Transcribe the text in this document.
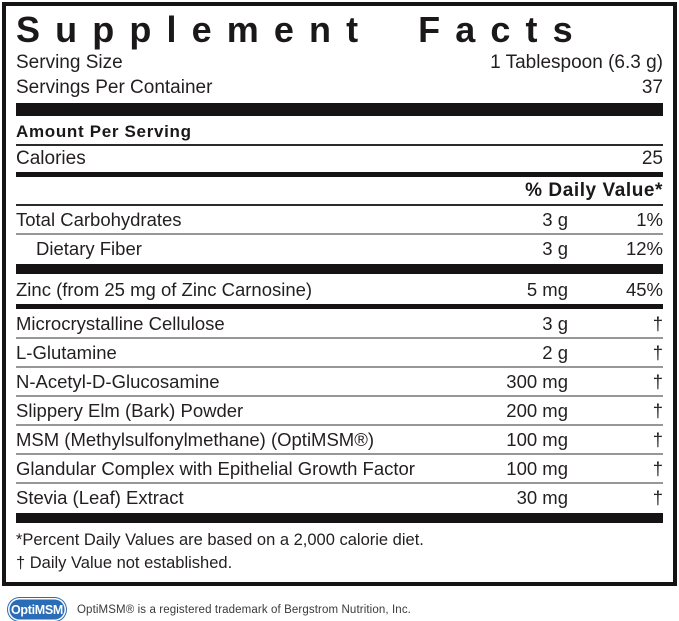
Supplement Facts
Serving Size	1 Tablespoon (6.3 g)
Servings Per Container	37
Amount Per Serving
Calories	25
% Daily Value*
Total Carbohydrates	3 g	1%
Dietary Fiber	3 g	12%
Zinc (from 25 mg of Zinc Carnosine)	5 mg	45%
Microcrystalline Cellulose	3 g	†
L-Glutamine	2 g	†
N-Acetyl-D-Glucosamine	300 mg	†
Slippery Elm (Bark) Powder	200 mg	†
MSM (Methylsulfonylmethane) (OptiMSM®)	100 mg	†
Glandular Complex with Epithelial Growth Factor	100 mg	†
Stevia (Leaf) Extract	30 mg	†
*Percent Daily Values are based on a 2,000 calorie diet.
† Daily Value not established.
OptiMSM OptiMSM® is a registered trademark of Bergstrom Nutrition, Inc.
